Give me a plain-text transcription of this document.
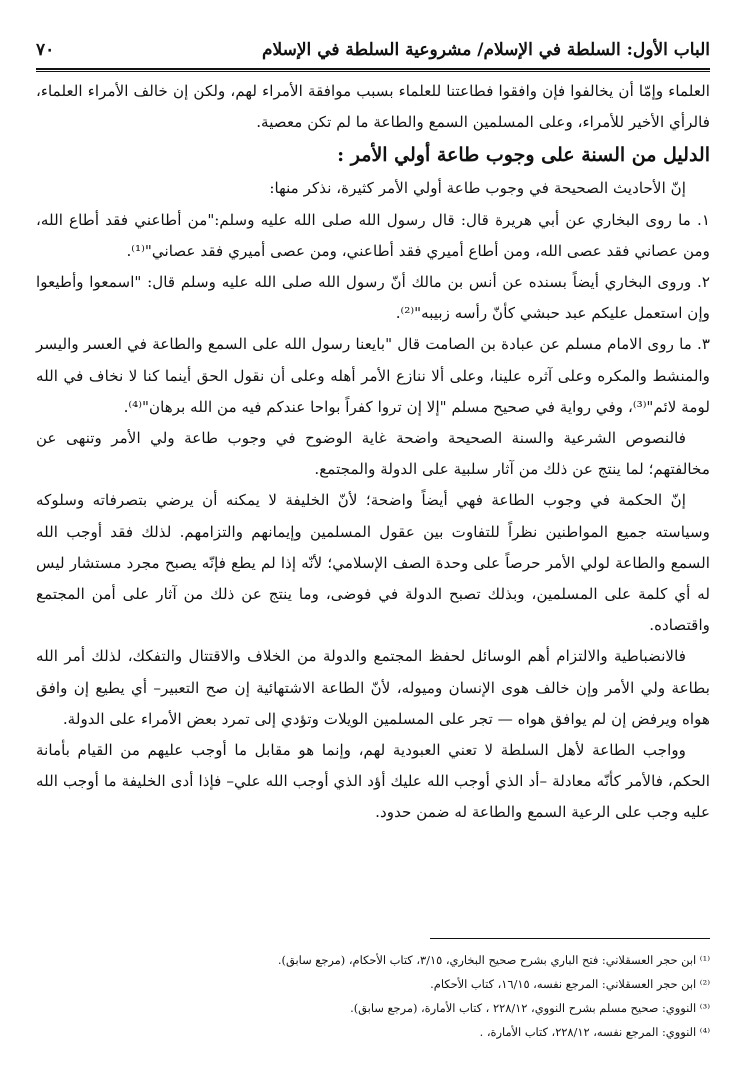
الباب الأول: السلطة في الإسلام/ مشروعية السلطة في الإسلام
٧٠

العلماء وإمّا أن يخالفوا فإن وافقوا فطاعتنا للعلماء بسبب موافقة الأمراء لهم، ولكن إن خالف الأمراء العلماء، فالرأي الأخير للأمراء، وعلى المسلمين السمع والطاعة ما لم تكن معصية.

الدليل من السنة على وجوب طاعة أولي الأمر :

إنّ الأحاديث الصحيحة في وجوب طاعة أولي الأمر كثيرة، نذكر منها:

١. ما روى البخاري عن أبي هريرة قال: قال رسول الله صلى الله عليه وسلم:"من أطاعني فقد أطاع الله، ومن عصاني فقد عصى الله، ومن أطاع أميري فقد أطاعني، ومن عصى أميري فقد عصاني"⁽¹⁾.

٢. وروى البخاري أيضاً بسنده عن أنس بن مالك أنّ رسول الله صلى الله عليه وسلم قال: "اسمعوا وأطيعوا وإن استعمل عليكم عبد حبشي كأنّ رأسه زبيبه"⁽²⁾.

٣. ما روى الامام مسلم عن عبادة بن الصامت قال "بايعنا رسول الله على السمع والطاعة في العسر واليسر والمنشط والمكره وعلى آثره علينا، وعلى ألا ننازع الأمر أهله وعلى أن نقول الحق أينما كنا لا نخاف في الله لومة لائم"⁽³⁾، وفي رواية في صحيح مسلم "إلا إن تروا كفراً بواحا عندكم فيه من الله برهان"⁽⁴⁾.

فالنصوص الشرعية والسنة الصحيحة واضحة غاية الوضوح في وجوب طاعة ولي الأمر وتنهى عن مخالفتهم؛ لما ينتج عن ذلك من آثار سلبية على الدولة والمجتمع.

إنّ الحكمة في وجوب الطاعة فهي أيضاً واضحة؛ لأنّ الخليفة لا يمكنه أن يرضي بتصرفاته وسلوكه وسياسته جميع المواطنين نظراً للتفاوت بين عقول المسلمين وإيمانهم والتزامهم. لذلك فقد أوجب الله السمع والطاعة لولي الأمر حرصاً على وحدة الصف الإسلامي؛ لأنّه إذا لم يطع فإنّه يصبح مجرد مستشار ليس له أي كلمة على المسلمين، وبذلك تصبح الدولة في فوضى، وما ينتج عن ذلك من آثار على أمن المجتمع واقتصاده.

فالانضباطية والالتزام أهم الوسائل لحفظ المجتمع والدولة من الخلاف والاقتتال والتفكك، لذلك أمر الله بطاعة ولي الأمر وإن خالف هوى الإنسان وميوله، لأنّ الطاعة الاشتهائية إن صح التعبير– أي يطيع إن وافق هواه ويرفض إن لم يوافق هواه — تجر على المسلمين الويلات وتؤدي إلى تمرد بعض الأمراء على الدولة.

وواجب الطاعة لأهل السلطة لا تعني العبودية لهم، وإنما هو مقابل ما أوجب عليهم من القيام بأمانة الحكم، فالأمر كأنّه معادلة –أد الذي أوجب الله عليك أؤد الذي أوجب الله علي– فإذا أدى الخليفة ما أوجب الله عليه وجب على الرعية السمع والطاعة له ضمن حدود.

⁽¹⁾ ابن حجر العسقلاني: فتح الباري بشرح صحيح البخاري، ٣/١٥، كتاب الأحكام، (مرجع سابق).
⁽²⁾ ابن حجر العسقلاني: المرجع نفسه، ١٦/١٥، كتاب الأحكام.
⁽³⁾ النووي: صحيح مسلم بشرح النووي، ٢٢٨/١٢ ، كتاب الأمارة، (مرجع سابق).
⁽⁴⁾ النووي: المرجع نفسه، ٢٢٨/١٢، كتاب الأمارة، .
